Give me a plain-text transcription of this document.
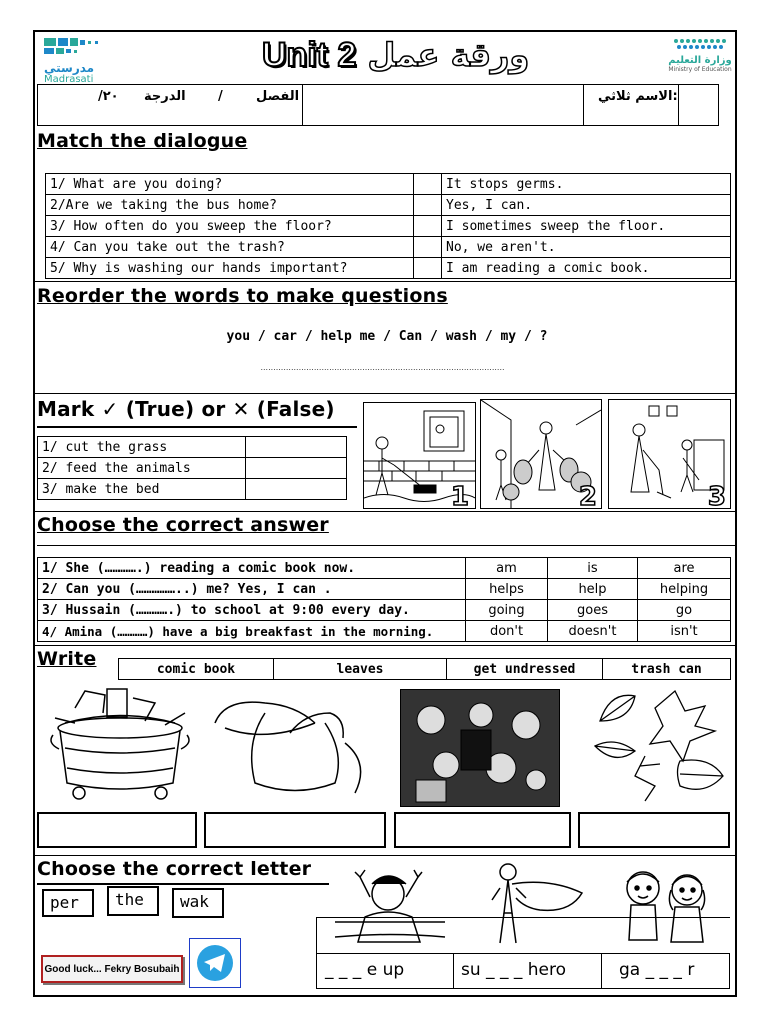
مدرستي
Madrasati
Unit 2 ورقة عمل	وزارة التعليم
Ministry of Education
/٢٠ الدرجة /	الفصل	الاسم ثلاثي:
Match the dialogue
1/ What are you doing?		It stops germs.
2/Are we taking the bus home?		Yes, I can.
3/ How often do you sweep the floor?		I sometimes sweep the floor.
4/ Can you take out the trash?		No, we aren't.
5/ Why is washing our hands important?		I am reading a comic book.
Reorder the words to make questions
you / car / help me / Can / wash / my / ?
................................................................................................
Mark ✓ (True) or ✕ (False)
1/ cut the grass	
2/ feed the animals	
3/ make the bed		1	2	3
Choose the correct answer
1/ She (………….) reading a comic book now.	am	is	are
2/ Can you (……………..) me? Yes, I can .	helps	help	helping
3/ Hussain (………….) to school at 9:00 every day.	going	goes	go
4/ Amina (…………) have a big breakfast in the morning.	don't	doesn't	isn't
Write	comic book	leaves	get undressed	trash can
Choose the correct letter
per	the	wak
Good luck... Fekry Bosubaih	_ _ _ e up	su _ _ _ hero	ga _ _ _ r
